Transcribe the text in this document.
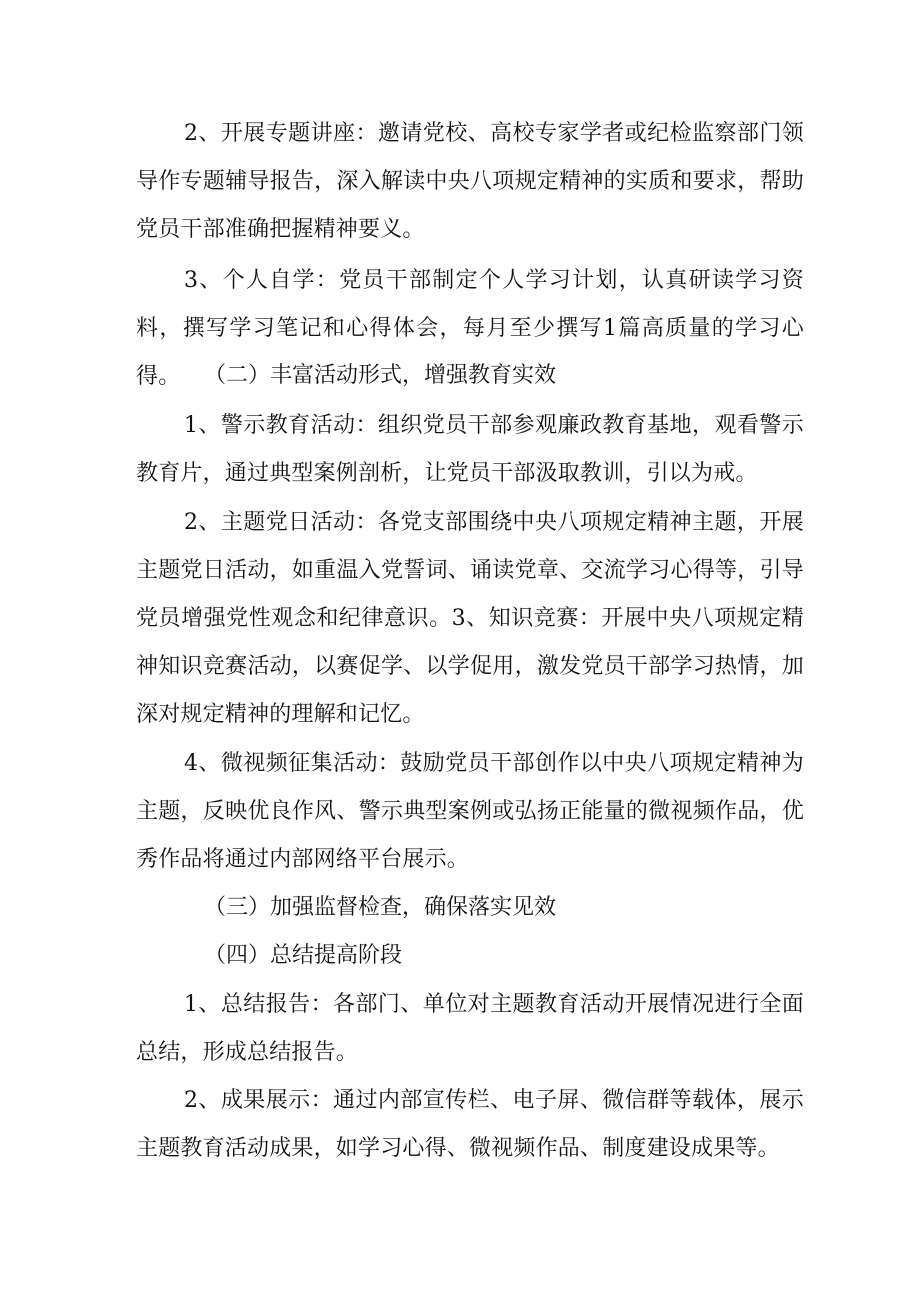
2、开展专题讲座：邀请党校、高校专家学者或纪检监察部门领导作专题辅导报告，深入解读中央八项规定精神的实质和要求，帮助党员干部准确把握精神要义。

3、个人自学：党员干部制定个人学习计划，认真研读学习资料，撰写学习笔记和心得体会，每月至少撰写1篇高质量的学习心得。	（二）丰富活动形式，增强教育实效

1、警示教育活动：组织党员干部参观廉政教育基地，观看警示教育片，通过典型案例剖析，让党员干部汲取教训，引以为戒。

2、主题党日活动：各党支部围绕中央八项规定精神主题，开展主题党日活动，如重温入党誓词、诵读党章、交流学习心得等，引导党员增强党性观念和纪律意识。3、知识竞赛：开展中央八项规定精神知识竞赛活动，以赛促学、以学促用，激发党员干部学习热情，加深对规定精神的理解和记忆。

4、微视频征集活动：鼓励党员干部创作以中央八项规定精神为主题，反映优良作风、警示典型案例或弘扬正能量的微视频作品，优秀作品将通过内部网络平台展示。

（三）加强监督检查，确保落实见效

（四）总结提高阶段

1、总结报告：各部门、单位对主题教育活动开展情况进行全面总结，形成总结报告。

2、成果展示：通过内部宣传栏、电子屏、微信群等载体，展示主题教育活动成果，如学习心得、微视频作品、制度建设成果等。
